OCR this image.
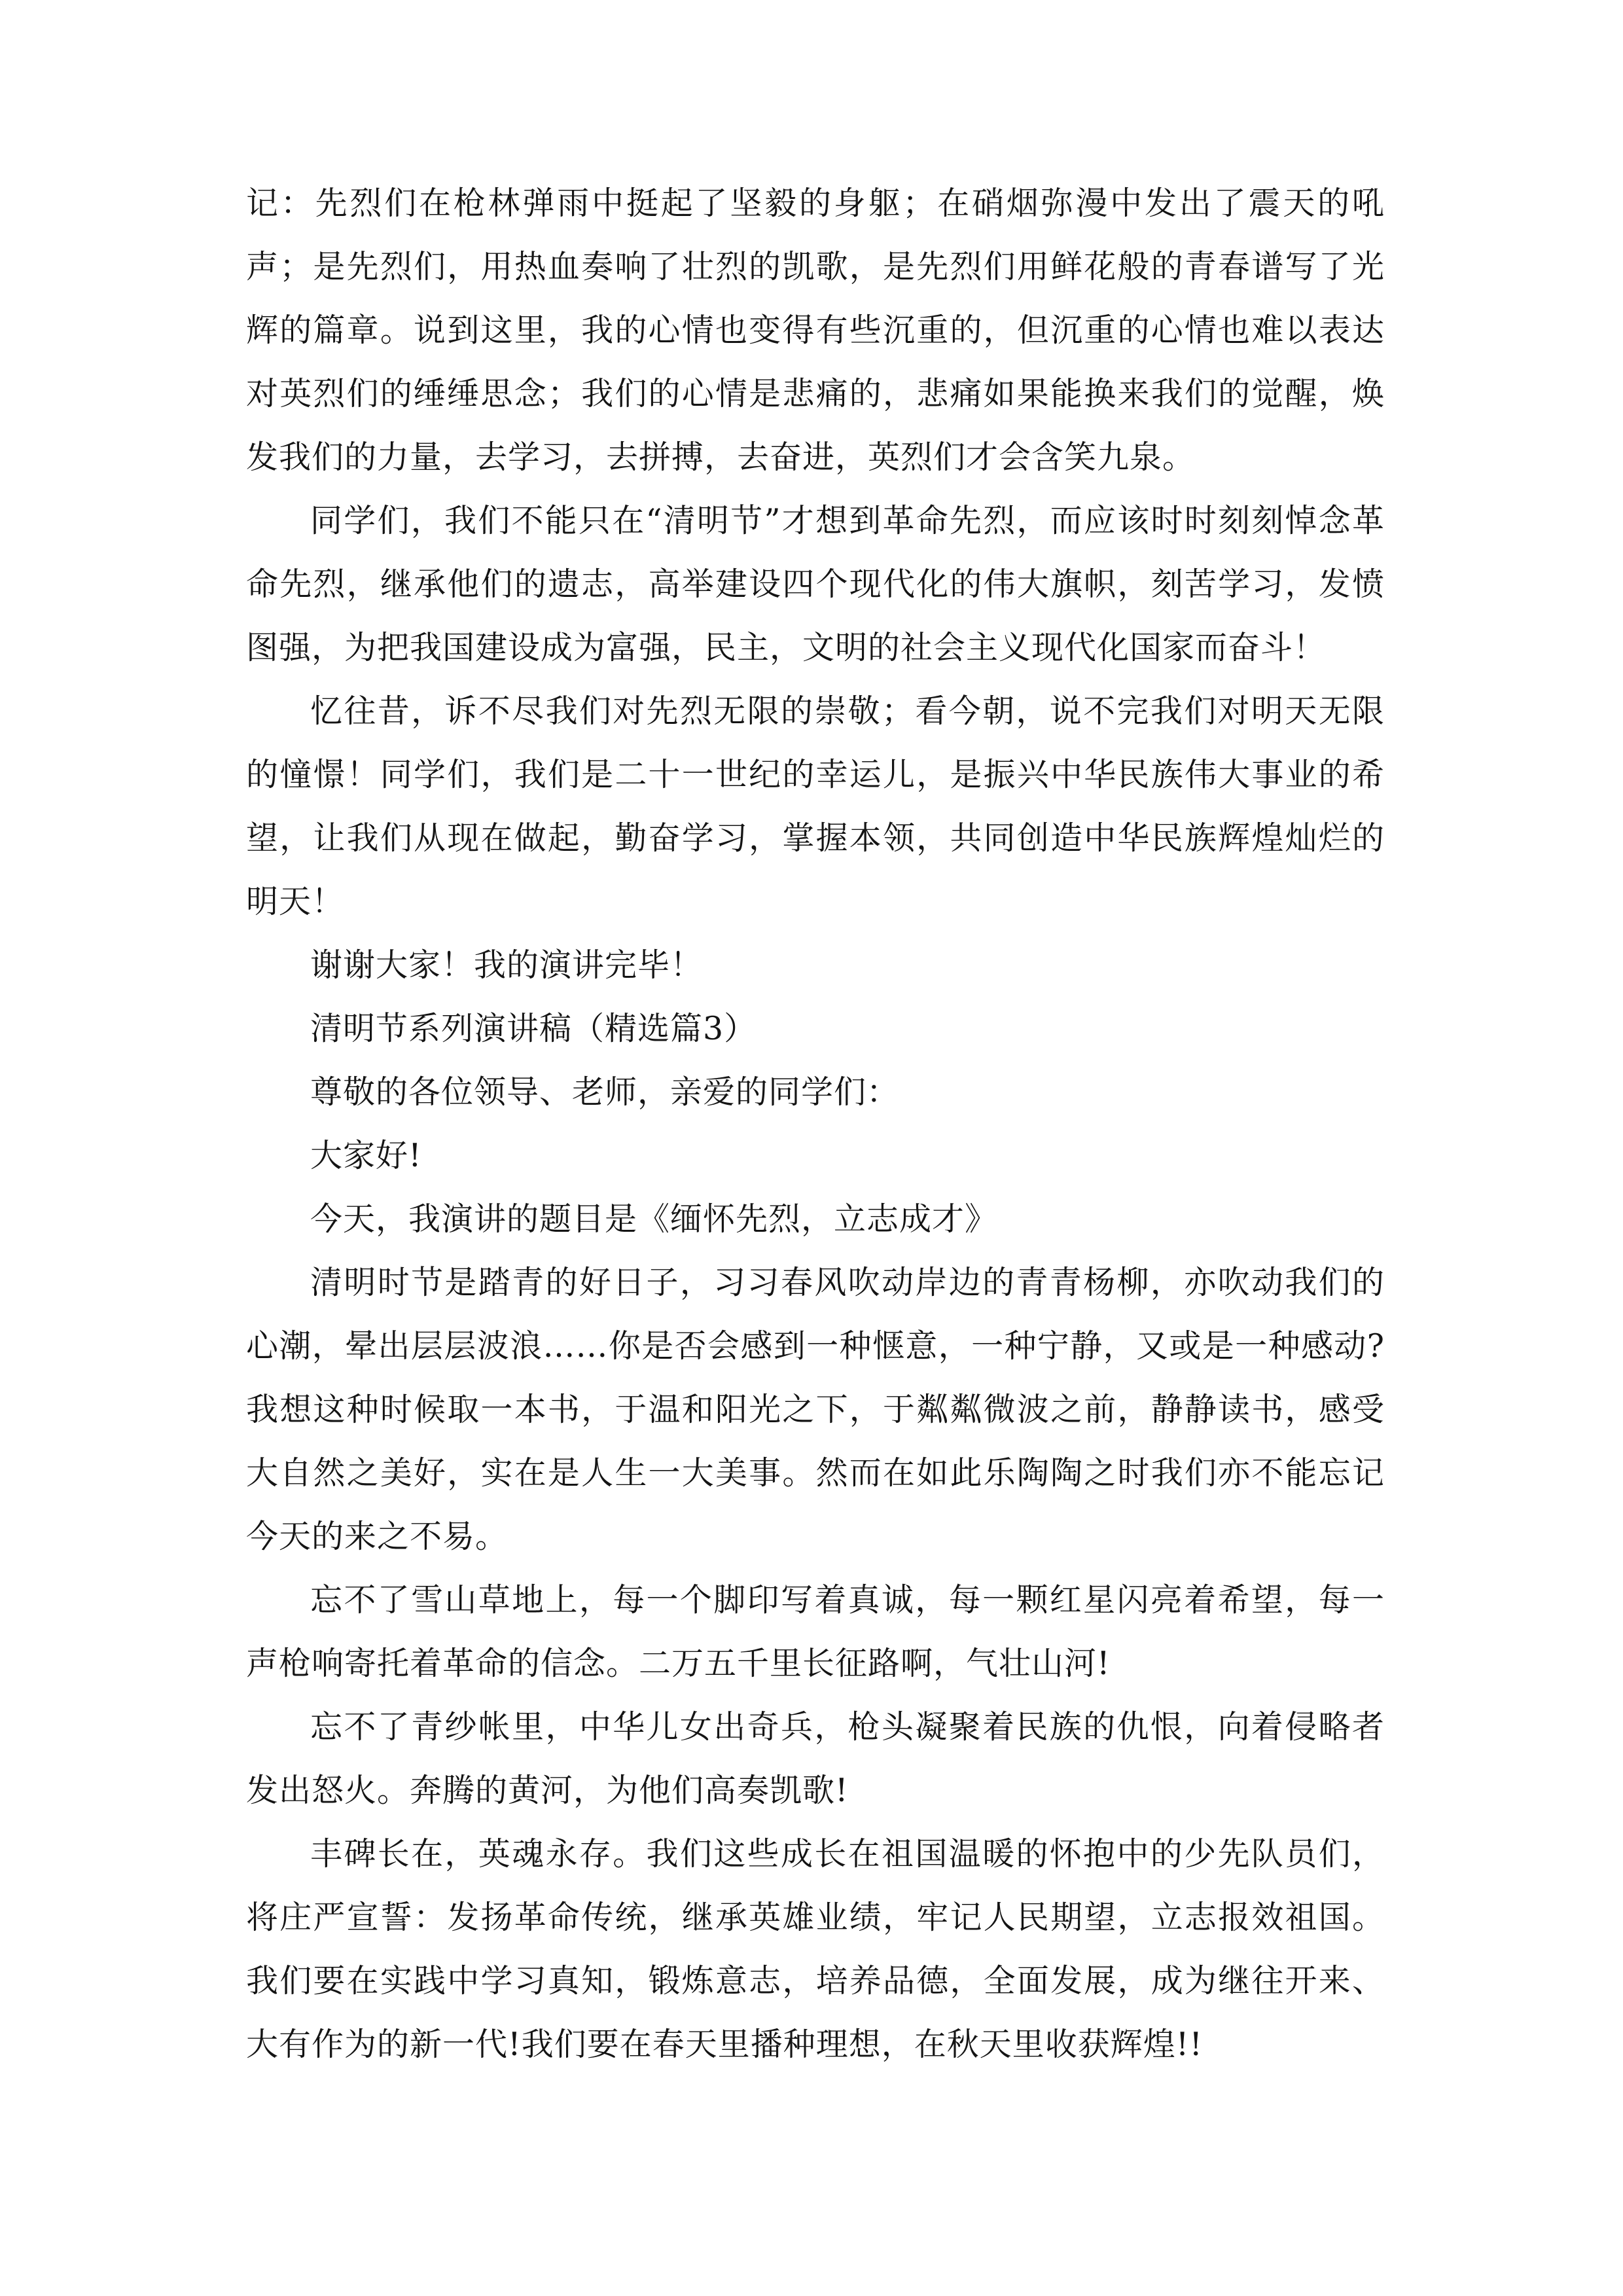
记：先烈们在枪林弹雨中挺起了坚毅的身躯；在硝烟弥漫中发出了震天的吼声；是先烈们，用热血奏响了壮烈的凯歌，是先烈们用鲜花般的青春谱写了光辉的篇章。说到这里，我的心情也变得有些沉重的，但沉重的心情也难以表达对英烈们的缍缍思念；我们的心情是悲痛的，悲痛如果能换来我们的觉醒，焕发我们的力量，去学习，去拼搏，去奋进，英烈们才会含笑九泉。

同学们，我们不能只在“清明节”才想到革命先烈，而应该时时刻刻悼念革命先烈，继承他们的遗志，高举建设四个现代化的伟大旗帜，刻苦学习，发愤图强，为把我国建设成为富强，民主，文明的社会主义现代化国家而奋斗！

忆往昔，诉不尽我们对先烈无限的崇敬；看今朝，说不完我们对明天无限的憧憬！同学们，我们是二十一世纪的幸运儿，是振兴中华民族伟大事业的希望，让我们从现在做起，勤奋学习，掌握本领，共同创造中华民族辉煌灿烂的明天！

谢谢大家！我的演讲完毕！

清明节系列演讲稿（精选篇3）

尊敬的各位领导、老师，亲爱的同学们：

大家好!

今天，我演讲的题目是《缅怀先烈，立志成才》

清明时节是踏青的好日子，习习春风吹动岸边的青青杨柳，亦吹动我们的心潮，晕出层层波浪……你是否会感到一种惬意，一种宁静，又或是一种感动?我想这种时候取一本书，于温和阳光之下，于粼粼微波之前，静静读书，感受大自然之美好，实在是人生一大美事。然而在如此乐陶陶之时我们亦不能忘记今天的来之不易。

忘不了雪山草地上，每一个脚印写着真诚，每一颗红星闪亮着希望，每一声枪响寄托着革命的信念。二万五千里长征路啊，气壮山河!

忘不了青纱帐里，中华儿女出奇兵，枪头凝聚着民族的仇恨，向着侵略者发出怒火。奔腾的黄河，为他们高奏凯歌!

丰碑长在，英魂永存。我们这些成长在祖国温暖的怀抱中的少先队员们，将庄严宣誓：发扬革命传统，继承英雄业绩，牢记人民期望，立志报效祖国。我们要在实践中学习真知，锻炼意志，培养品德，全面发展，成为继往开来、大有作为的新一代!我们要在春天里播种理想，在秋天里收获辉煌!!
